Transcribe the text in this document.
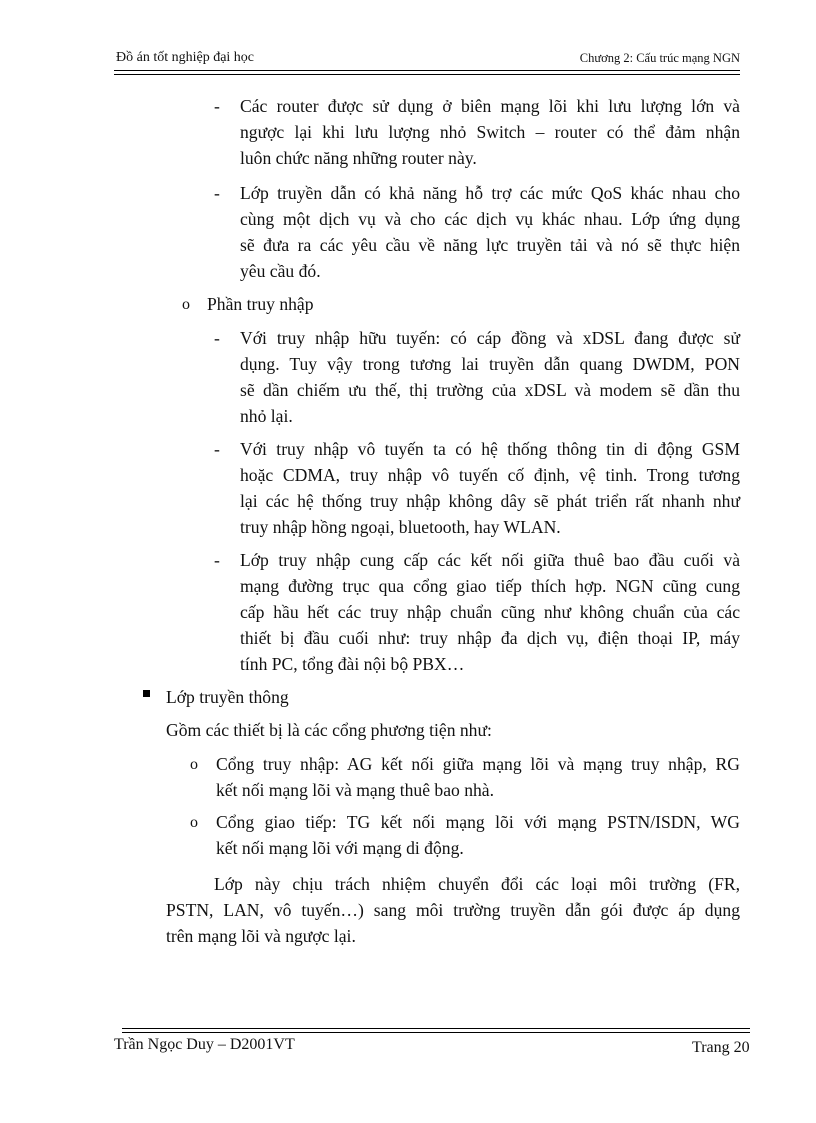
Đồ án tốt nghiệp đại học	Chương 2: Cấu trúc mạng NGN
- Các router được sử dụng ở biên mạng lõi khi lưu lượng lớn và
ngược lại khi lưu lượng nhỏ Switch – router có thể đảm nhận
luôn chức năng những router này.
- Lớp truyền dẫn có khả năng hỗ trợ các mức QoS khác nhau cho
cùng một dịch vụ và cho các dịch vụ khác nhau. Lớp ứng dụng
sẽ đưa ra các yêu cầu về năng lực truyền tải và nó sẽ thực hiện
yêu cầu đó.
o Phần truy nhập
- Với truy nhập hữu tuyến: có cáp đồng và xDSL đang được sử
dụng. Tuy vậy trong tương lai truyền dẫn quang DWDM, PON
sẽ dần chiếm ưu thế, thị trường của xDSL và modem sẽ dần thu
nhỏ lại.
- Với truy nhập vô tuyến ta có hệ thống thông tin di động GSM
hoặc CDMA, truy nhập vô tuyến cố định, vệ tinh. Trong tương
lại các hệ thống truy nhập không dây sẽ phát triển rất nhanh như
truy nhập hồng ngoại, bluetooth, hay WLAN.
- Lớp truy nhập cung cấp các kết nối giữa thuê bao đầu cuối và
mạng đường trục qua cổng giao tiếp thích hợp. NGN cũng cung
cấp hầu hết các truy nhập chuẩn cũng như không chuẩn của các
thiết bị đầu cuối như: truy nhập đa dịch vụ, điện thoại IP, máy
tính PC, tổng đài nội bộ PBX…
Lớp truyền thông
Gồm các thiết bị là các cổng phương tiện như:
o Cổng truy nhập: AG kết nối giữa mạng lõi và mạng truy nhập, RG
kết nối mạng lõi và mạng thuê bao nhà.
o Cổng giao tiếp: TG kết nối mạng lõi với mạng PSTN/ISDN, WG
kết nối mạng lõi với mạng di động.
Lớp này chịu trách nhiệm chuyển đổi các loại môi trường (FR,
PSTN, LAN, vô tuyến…) sang môi trường truyền dẫn gói được áp dụng
trên mạng lõi và ngược lại.
Trần Ngọc Duy – D2001VT	Trang 20
